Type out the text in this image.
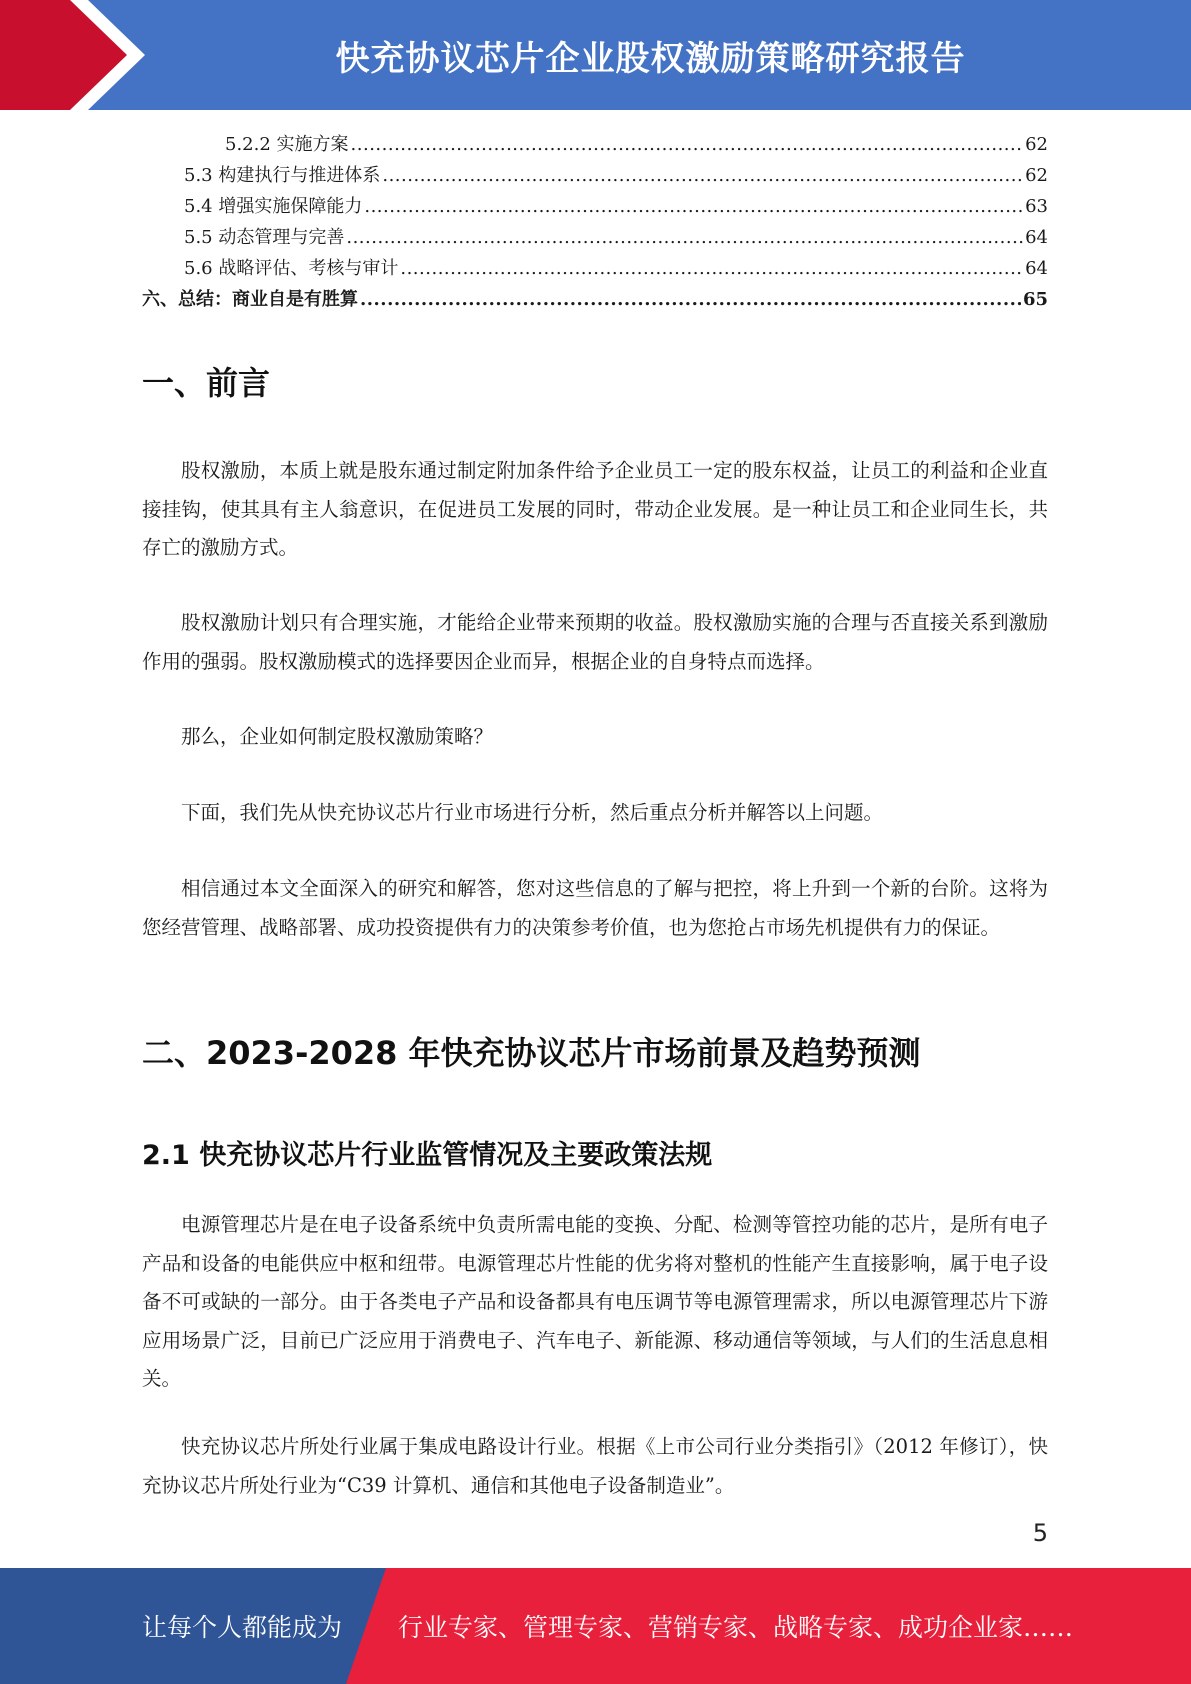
快充协议芯片企业股权激励策略研究报告
5.2.2 实施方案 .....	62
5.3 构建执行与推进体系 .....	62
5.4 增强实施保障能力 .....	63
5.5 动态管理与完善 .....	64
5.6 战略评估、考核与审计 .....	64
六、总结：商业自是有胜算 .....	65
一、前言

股权激励，本质上就是股东通过制定附加条件给予企业员工一定的股东权益，让员工的利益和企业直接挂钩，使其具有主人翁意识，在促进员工发展的同时，带动企业发展。是一种让员工和企业同生长，共存亡的激励方式。

股权激励计划只有合理实施，才能给企业带来预期的收益。股权激励实施的合理与否直接关系到激励作用的强弱。股权激励模式的选择要因企业而异，根据企业的自身特点而选择。

那么，企业如何制定股权激励策略？

下面，我们先从快充协议芯片行业市场进行分析，然后重点分析并解答以上问题。

相信通过本文全面深入的研究和解答，您对这些信息的了解与把控，将上升到一个新的台阶。这将为您经营管理、战略部署、成功投资提供有力的决策参考价值，也为您抢占市场先机提供有力的保证。

二、2023-2028 年快充协议芯片市场前景及趋势预测
2.1 快充协议芯片行业监管情况及主要政策法规

电源管理芯片是在电子设备系统中负责所需电能的变换、分配、检测等管控功能的芯片，是所有电子产品和设备的电能供应中枢和纽带。电源管理芯片性能的优劣将对整机的性能产生直接影响，属于电子设备不可或缺的一部分。由于各类电子产品和设备都具有电压调节等电源管理需求，所以电源管理芯片下游应用场景广泛，目前已广泛应用于消费电子、汽车电子、新能源、移动通信等领域，与人们的生活息息相关。

快充协议芯片所处行业属于集成电路设计行业。根据《上市公司行业分类指引》（2012 年修订），快充协议芯片所处行业为“C39 计算机、通信和其他电子设备制造业”。

5
让每个人都能成为 行业专家、管理专家、营销专家、战略专家、成功企业家……
